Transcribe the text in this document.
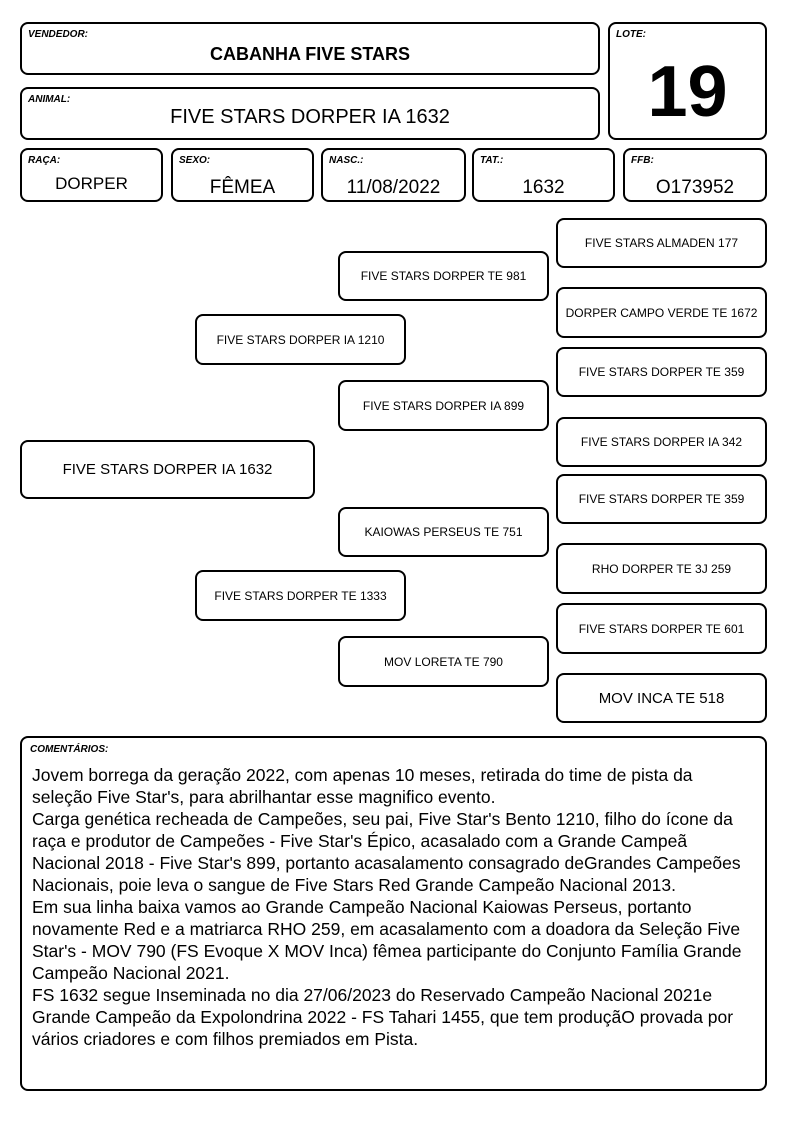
VENDEDOR:
CABANHA FIVE STARS
ANIMAL:
FIVE STARS DORPER IA 1632
LOTE:
19
RAÇA:
DORPER
SEXO:
FÊMEA
NASC.:
11/08/2022
TAT.:
1632
FFB:
O173952
FIVE STARS DORPER IA 1632
FIVE STARS DORPER IA 1210
FIVE STARS DORPER TE 1333
FIVE STARS DORPER TE 981
FIVE STARS DORPER IA 899
KAIOWAS PERSEUS TE 751
MOV LORETA TE 790
FIVE STARS ALMADEN 177
DORPER CAMPO VERDE TE 1672
FIVE STARS DORPER TE 359
FIVE STARS DORPER IA 342
FIVE STARS DORPER TE 359
RHO DORPER TE 3J 259
FIVE STARS DORPER TE 601
MOV INCA TE 518
COMENTÁRIOS:

Jovem borrega da geração 2022, com apenas 10 meses, retirada do time de pista da seleção Five Star's, para abrilhantar esse magnifico evento.

Carga genética recheada de Campeões, seu pai, Five Star's Bento 1210, filho do ícone da raça e produtor de Campeões - Five Star's Épico, acasalado com a Grande Campeã Nacional 2018 - Five Star's 899, portanto acasalamento consagrado deGrandes Campeões Nacionais, poie leva o sangue de Five Stars Red Grande Campeão Nacional 2013.

Em sua linha baixa vamos ao Grande Campeão Nacional Kaiowas Perseus, portanto novamente Red e a matriarca RHO 259, em acasalamento com a doadora da Seleção Five Star's - MOV 790 (FS Evoque X MOV Inca) fêmea participante do Conjunto Família Grande Campeão Nacional 2021.

FS 1632 segue Inseminada no dia 27/06/2023 do Reservado Campeão Nacional 2021e Grande Campeão da Expolondrina 2022 - FS Tahari 1455, que tem produçãO provada por vários criadores e com filhos premiados em Pista.
